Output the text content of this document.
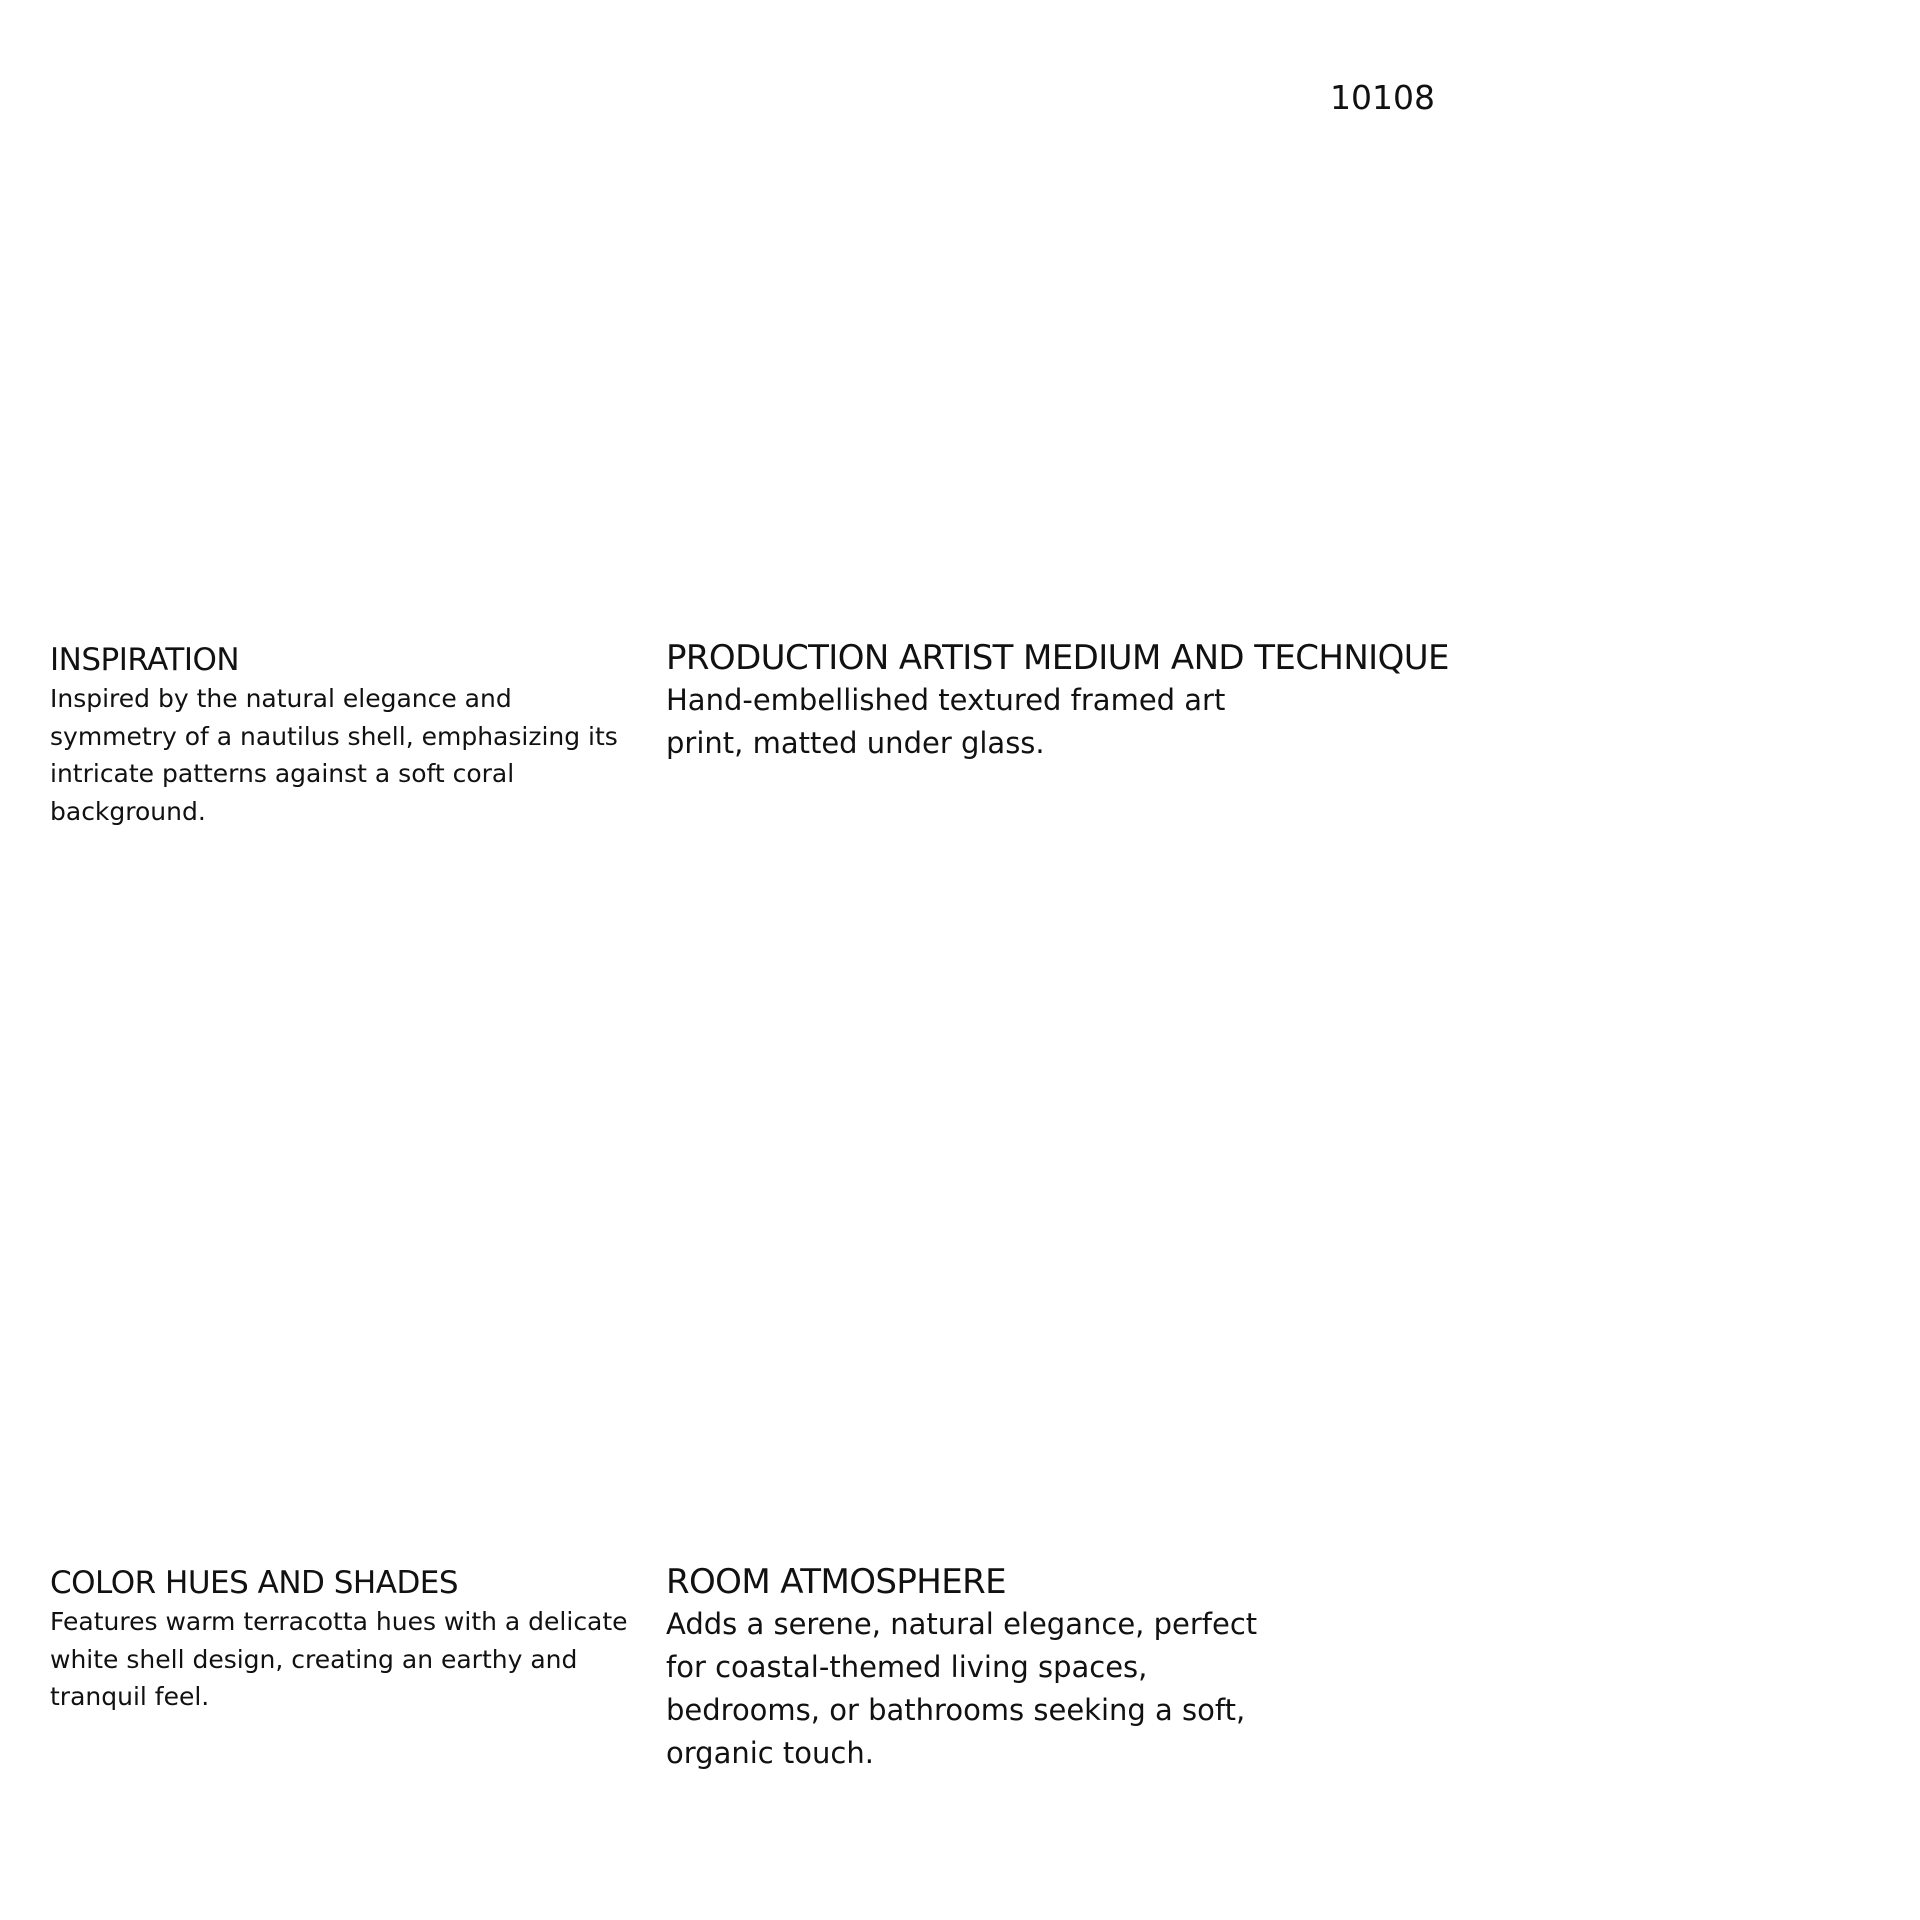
10108
INSPIRATION

Inspired by the natural elegance and symmetry of a nautilus shell, emphasizing its intricate patterns against a soft coral background.

PRODUCTION ARTIST MEDIUM AND TECHNIQUE

Hand-embellished textured framed art print, matted under glass.

COLOR HUES AND SHADES

Features warm terracotta hues with a delicate white shell design, creating an earthy and tranquil feel.

ROOM ATMOSPHERE

Adds a serene, natural elegance, perfect for coastal-themed living spaces, bedrooms, or bathrooms seeking a soft, organic touch.
